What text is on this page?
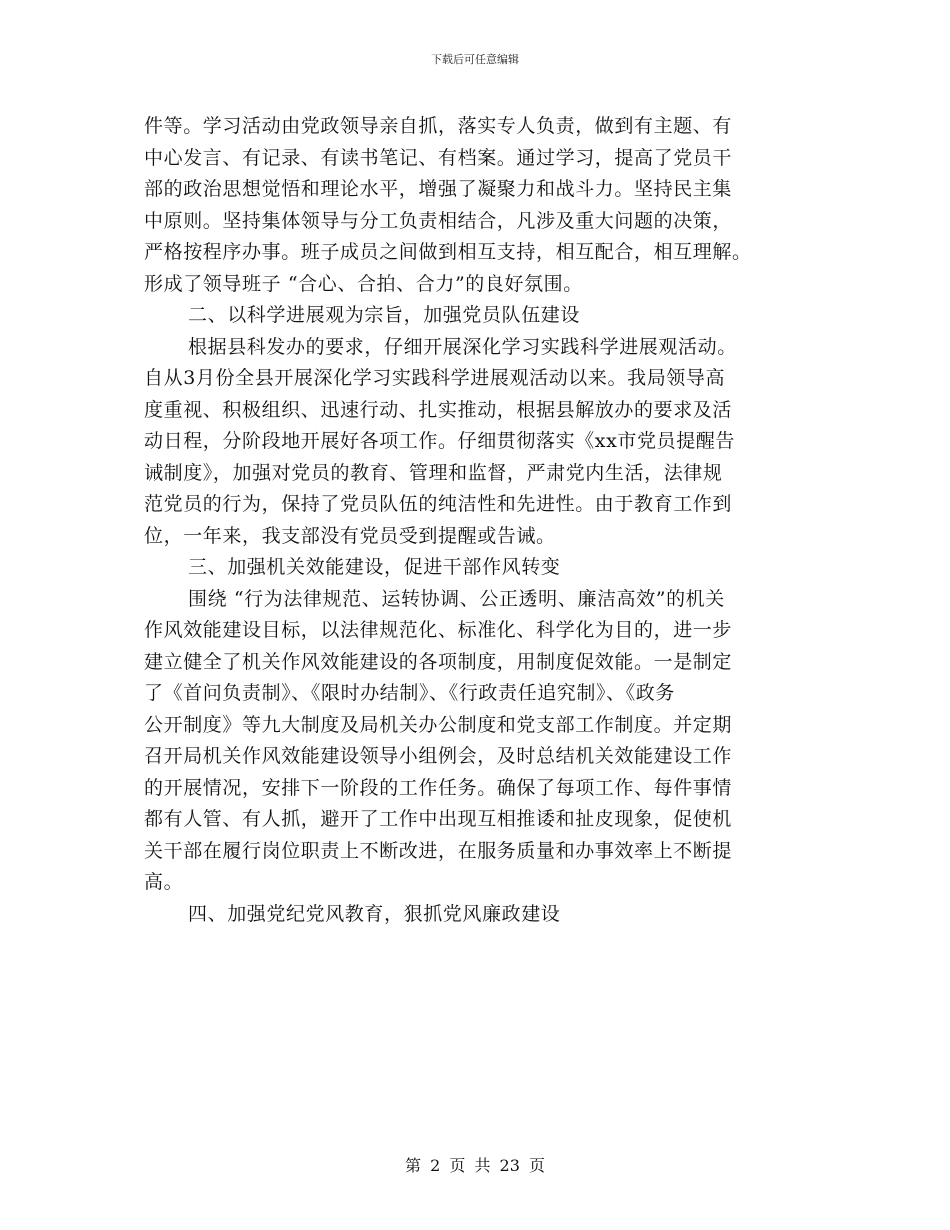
下载后可任意编辑
件等。学习活动由党政领导亲自抓，落实专人负责，做到有主题、有
中心发言、有记录、有读书笔记、有档案。通过学习，提高了党员干
部的政治思想觉悟和理论水平，增强了凝聚力和战斗力。坚持民主集
中原则。坚持集体领导与分工负责相结合，凡涉及重大问题的决策，
严格按程序办事。班子成员之间做到相互支持，相互配合，相互理解。
形成了领导班子 “合心、合拍、合力”的良好氛围。
二、以科学进展观为宗旨，加强党员队伍建设
根据县科发办的要求，仔细开展深化学习实践科学进展观活动。
自从3月份全县开展深化学习实践科学进展观活动以来。我局领导高
度重视、积极组织、迅速行动、扎实推动，根据县解放办的要求及活
动日程，分阶段地开展好各项工作。仔细贯彻落实《xx市党员提醒告
诫制度》，加强对党员的教育、管理和监督，严肃党内生活，法律规
范党员的行为，保持了党员队伍的纯洁性和先进性。由于教育工作到
位，一年来，我支部没有党员受到提醒或告诫。
三、加强机关效能建设，促进干部作风转变
围绕 “行为法律规范、运转协调、公正透明、廉洁高效”的机关
作风效能建设目标，以法律规范化、标准化、科学化为目的，进一步
建立健全了机关作风效能建设的各项制度，用制度促效能。一是制定
了《首问负责制》、《限时办结制》、《行政责任追究制》、《政务
公开制度》等九大制度及局机关办公制度和党支部工作制度。并定期
召开局机关作风效能建设领导小组例会，及时总结机关效能建设工作
的开展情况，安排下一阶段的工作任务。确保了每项工作、每件事情
都有人管、有人抓，避开了工作中出现互相推诿和扯皮现象，促使机
关干部在履行岗位职责上不断改进，在服务质量和办事效率上不断提
高。
四、加强党纪党风教育，狠抓党风廉政建设
第 2 页 共 23 页
